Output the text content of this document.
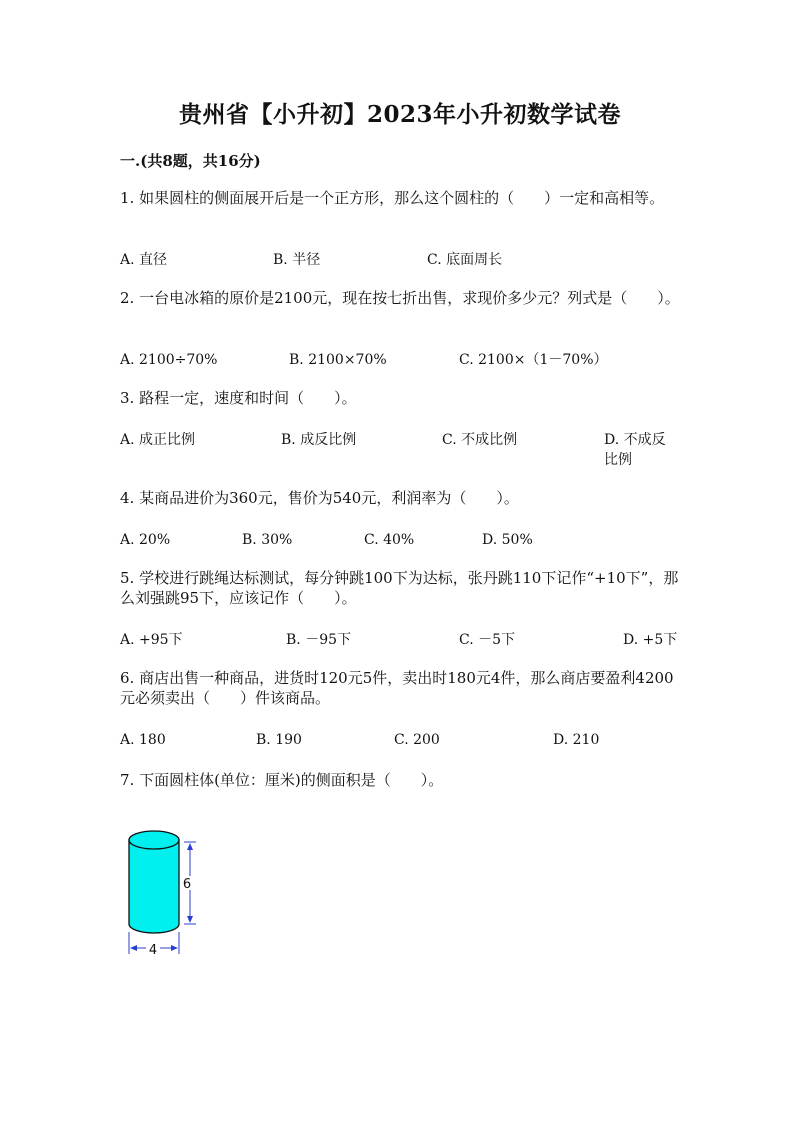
贵州省【小升初】2023年小升初数学试卷
一.(共8题，共16分)
1. 如果圆柱的侧面展开后是一个正方形，那么这个圆柱的（　　）一定和高相等。
A. 直径	B. 半径	C. 底面周长
2. 一台电冰箱的原价是2100元，现在按七折出售，求现价多少元？列式是（　　）。
A. 2100÷70%	B. 2100×70%	C. 2100×（1－70%）
3. 路程一定，速度和时间（　　）。
A. 成正比例	B. 成反比例	C. 不成比例	D. 不成反比例
4. 某商品进价为360元，售价为540元，利润率为（　　）。
A. 20%	B. 30%	C. 40%	D. 50%
5. 学校进行跳绳达标测试，每分钟跳100下为达标，张丹跳110下记作“+10下”，那么刘强跳95下，应该记作（　　）。
A. +95下	B. －95下	C. －5下	D. +5下
6. 商店出售一种商品，进货时120元5件，卖出时180元4件，那么商店要盈利4200元必须卖出（　　）件该商品。
A. 180	B. 190	C. 200	D. 210
7. 下面圆柱体(单位：厘米)的侧面积是（　　）。
6
4
